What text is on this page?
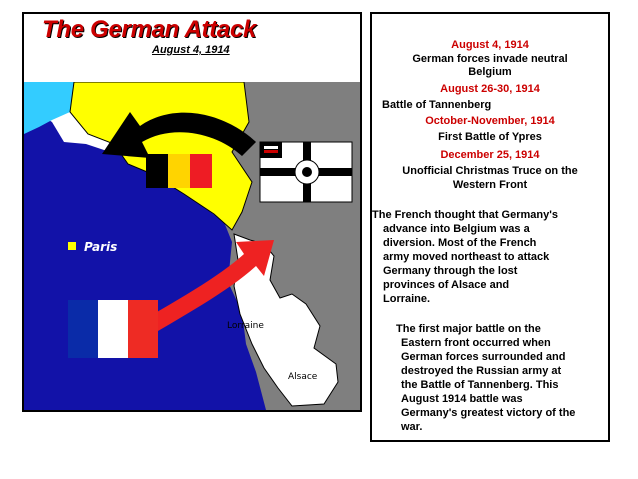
The German Attack
August 4, 1914
Paris
Lorraine
Alsace
August 4, 1914
German forces invade neutral
Belgium
August 26-30, 1914
Battle of Tannenberg
October-November, 1914
First Battle of Ypres
December 25, 1914
Unofficial Christmas Truce on the
Western Front
The French thought that Germany's
advance into Belgium was a
diversion. Most of the French
army moved northeast to attack
Germany through the lost
provinces of Alsace and
Lorraine.
The first major battle on the
Eastern front occurred when
German forces surrounded and
destroyed the Russian army at
the Battle of Tannenberg. This
August 1914 battle was
Germany's greatest victory of the
war.
